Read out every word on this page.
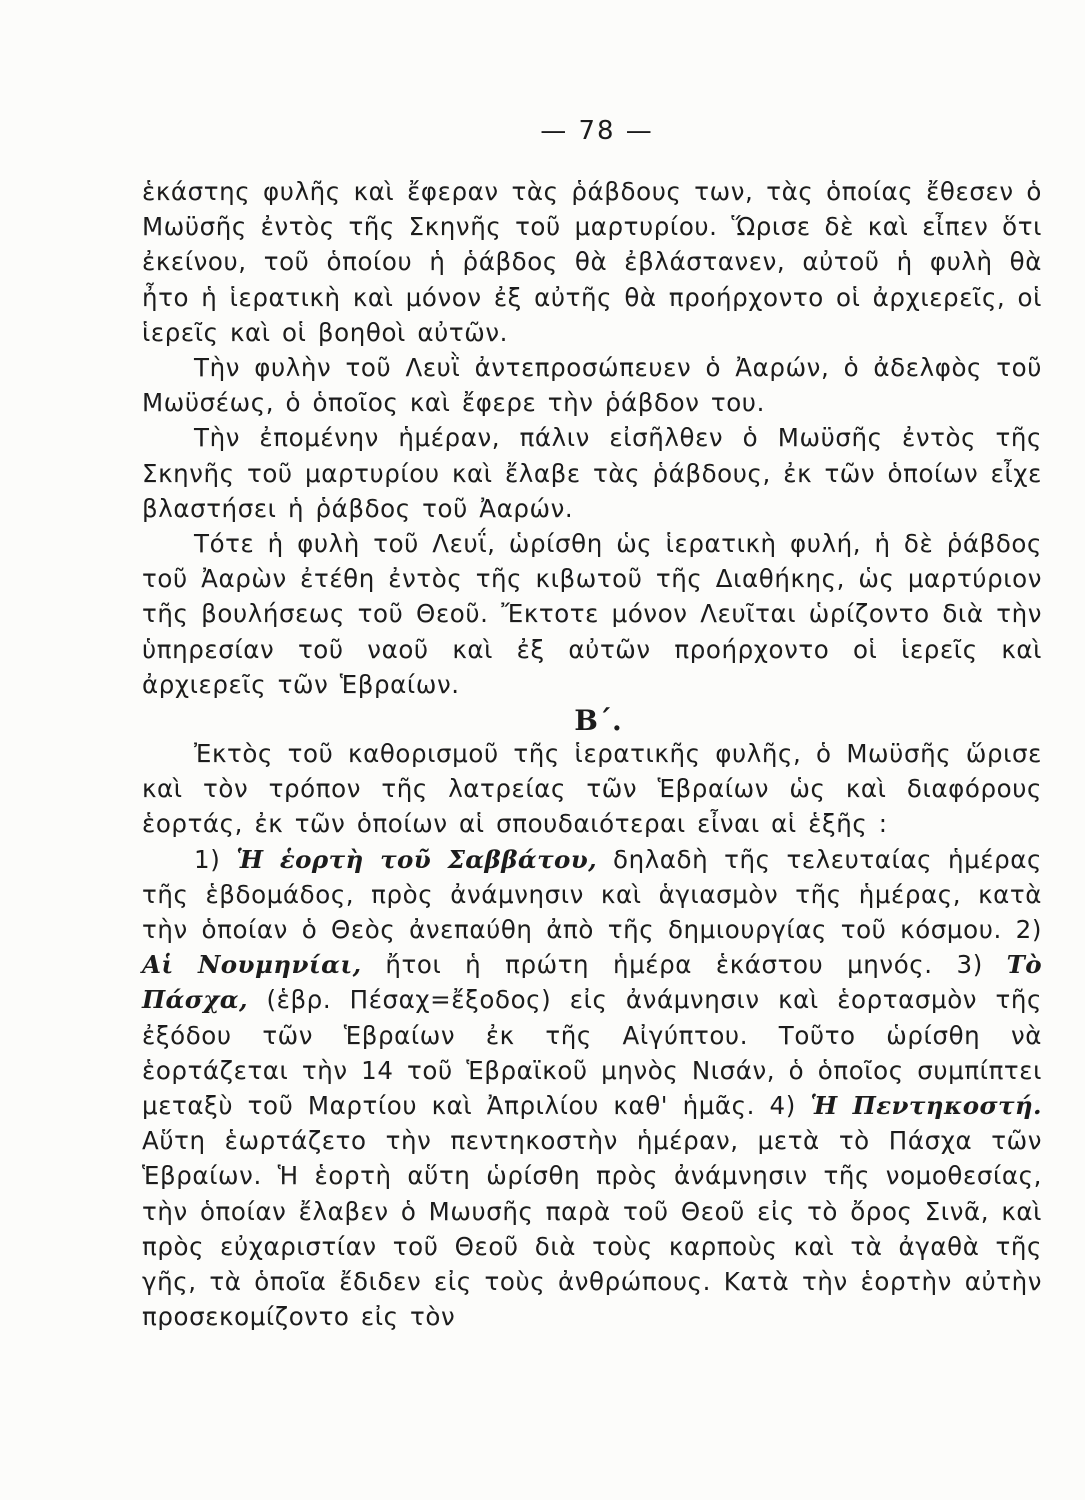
— 78 —

ἑκάστης φυλῆς καὶ ἔφεραν τὰς ῥάβδους των, τὰς ὁποίας ἔθεσεν ὁ Μωϋσῆς ἐντὸς τῆς Σκηνῆς τοῦ μαρτυρίου. Ὥρισε δὲ καὶ εἶπεν ὅτι ἐκείνου, τοῦ ὁποίου ἡ ῥάβδος θὰ ἐβλάστανεν, αὐτοῦ ἡ φυλὴ θὰ ἦτο ἡ ἱερατικὴ καὶ μόνον ἐξ αὐτῆς θὰ προήρχοντο οἱ ἀρχιερεῖς, οἱ ἱερεῖς καὶ οἱ βοηθοὶ αὐτῶν.

Τὴν φυλὴν τοῦ Λευῒ ἀντεπροσώπευεν ὁ Ἀαρών, ὁ ἀδελφὸς τοῦ Μωϋσέως, ὁ ὁποῖος καὶ ἔφερε τὴν ῥάβδον του.

Τὴν ἐπομένην ἡμέραν, πάλιν εἰσῆλθεν ὁ Μωϋσῆς ἐντὸς τῆς Σκηνῆς τοῦ μαρτυρίου καὶ ἔλαβε τὰς ῥάβδους, ἐκ τῶν ὁποίων εἶχε βλαστήσει ἡ ῥάβδος τοῦ Ἀαρών.

Τότε ἡ φυλὴ τοῦ Λευΐ, ὡρίσθη ὡς ἱερατικὴ φυλή, ἡ δὲ ῥάβδος τοῦ Ἀαρὼν ἐτέθη ἐντὸς τῆς κιβωτοῦ τῆς Διαθήκης, ὡς μαρτύριον τῆς βουλήσεως τοῦ Θεοῦ. Ἔκτοτε μόνον Λευῖται ὡρίζοντο διὰ τὴν ὑπηρεσίαν τοῦ ναοῦ καὶ ἐξ αὐτῶν προήρχοντο οἱ ἱερεῖς καὶ ἀρχιερεῖς τῶν Ἑβραίων.

Β΄.

Ἐκτὸς τοῦ καθορισμοῦ τῆς ἱερατικῆς φυλῆς, ὁ Μωϋσῆς ὥρισε καὶ τὸν τρόπον τῆς λατρείας τῶν Ἑβραίων ὡς καὶ διαφόρους ἑορτάς, ἐκ τῶν ὁποίων αἱ σπουδαιότεραι εἶναι αἱ ἑξῆς :

1) Ἡ ἑορτὴ τοῦ Σαββάτου, δηλαδὴ τῆς τελευταίας ἡμέρας τῆς ἑβδομάδος, πρὸς ἀνάμνησιν καὶ ἁγιασμὸν τῆς ἡμέρας, κατὰ τὴν ὁποίαν ὁ Θεὸς ἀνεπαύθη ἀπὸ τῆς δημιουργίας τοῦ κόσμου. 2) Αἱ Νουμηνίαι, ἤτοι ἡ πρώτη ἡμέρα ἑκάστου μηνός. 3) Τὸ Πάσχα, (ἑβρ. Πέσαχ=ἔξοδος) εἰς ἀνάμνησιν καὶ ἑορτασμὸν τῆς ἐξόδου τῶν Ἑβραίων ἐκ τῆς Αἰγύπτου. Τοῦτο ὡρίσθη νὰ ἑορτάζεται τὴν 14 τοῦ Ἑβραϊκοῦ μηνὸς Νισάν, ὁ ὁποῖος συμπίπτει μεταξὺ τοῦ Μαρτίου καὶ Ἀπριλίου καθ' ἡμᾶς. 4) Ἡ Πεντηκοστή. Αὕτη ἑωρτάζετο τὴν πεντηκοστὴν ἡμέραν, μετὰ τὸ Πάσχα τῶν Ἑβραίων. Ἡ ἑορτὴ αὕτη ὡρίσθη πρὸς ἀνάμνησιν τῆς νομοθεσίας, τὴν ὁποίαν ἔλαβεν ὁ Μωυσῆς παρὰ τοῦ Θεοῦ εἰς τὸ ὄρος Σινᾶ, καὶ πρὸς εὐχαριστίαν τοῦ Θεοῦ διὰ τοὺς καρποὺς καὶ τὰ ἀγαθὰ τῆς γῆς, τὰ ὁποῖα ἔδιδεν εἰς τοὺς ἀνθρώπους. Κατὰ τὴν ἑορτὴν αὐτὴν προσεκομίζοντο εἰς τὸν
